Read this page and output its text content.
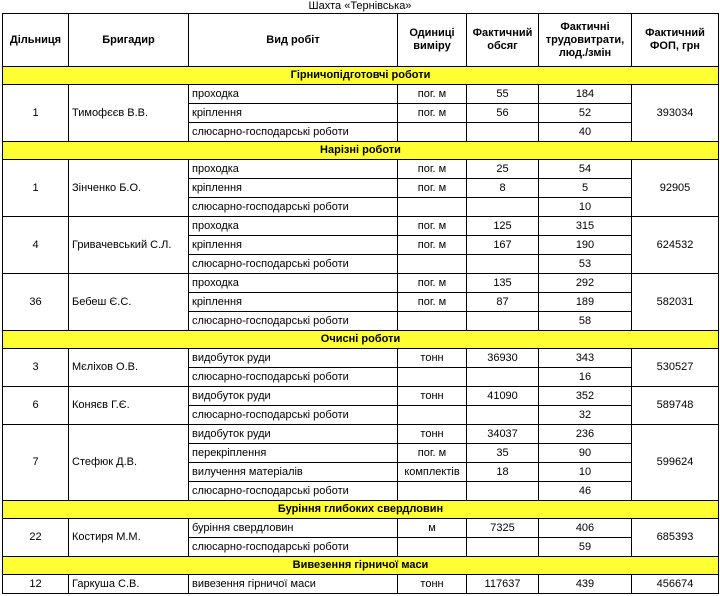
Шахта «Тернівська»
Дільниця	Бригадир	Вид робіт	Одиниці виміру	Фактичний обсяг	Фактичні трудовитрати, люд./змін	Фактичний ФОП, грн
Гірничопідготовчі роботи						
1	Тимофєєв В.В.	проходка	пог. м	55	184	393034
		кріплення	пог. м	56	52	
		слюсарно-господарські роботи			40	
Нарізні роботи						
1	Зінченко Б.О.	проходка	пог. м	25	54	92905
		кріплення	пог. м	8	5	
		слюсарно-господарські роботи			10	
4	Гривачевський С.Л.	проходка	пог. м	125	315	624532
		кріплення	пог. м	167	190	
		слюсарно-господарські роботи			53	
36	Бебеш Є.С.	проходка	пог. м	135	292	582031
		кріплення	пог. м	87	189	
		слюсарно-господарські роботи			58	
Очисні роботи						
3	Мєліхов О.В.	видобуток руди	тонн	36930	343	530527
		слюсарно-господарські роботи			16	
6	Коняєв Г.Є.	видобуток руди	тонн	41090	352	589748
		слюсарно-господарські роботи			32	
7	Стефюк Д.В.	видобуток руди	тонн	34037	236	599624
		перекріплення	пог. м	35	90	
		вилучення матеріалів	комплектів	18	10	
		слюсарно-господарські роботи			46	
Буріння глибоких свердловин						
22	Костиря М.М.	буріння свердловин	м	7325	406	685393
		слюсарно-господарські роботи			59	
Вивезення гірничої маси						
12	Гаркуша С.В.	вивезення гірничої маси	тонн	117637	439	456674
